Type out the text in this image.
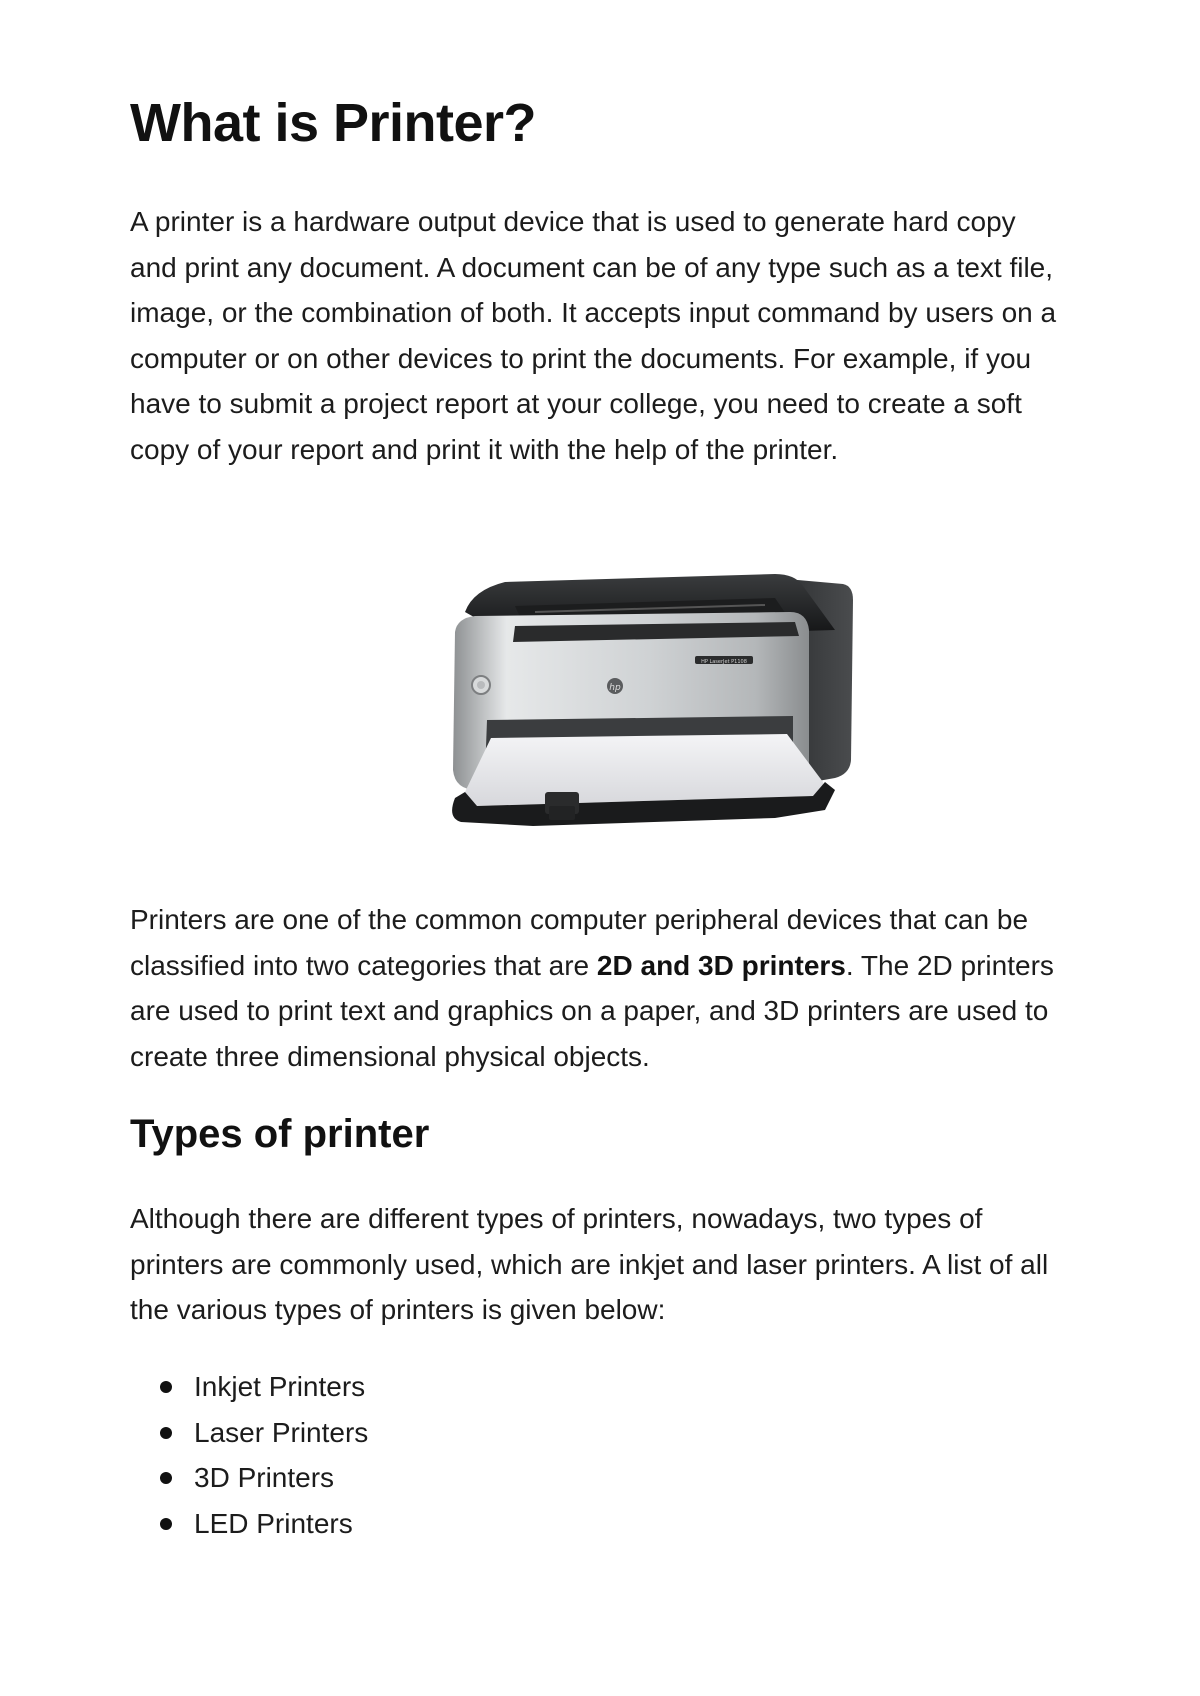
What is Printer?

A printer is a hardware output device that is used to generate hard copy and print any document. A document can be of any type such as a text file, image, or the combination of both. It accepts input command by users on a computer or on other devices to print the documents. For example, if you have to submit a project report at your college, you need to create a soft copy of your report and print it with the help of the printer.

HP LaserJet P1108
hp

Printers are one of the common computer peripheral devices that can be classified into two categories that are 2D and 3D printers. The 2D printers are used to print text and graphics on a paper, and 3D printers are used to create three dimensional physical objects.

Types of printer

Although there are different types of printers, nowadays, two types of printers are commonly used, which are inkjet and laser printers. A list of all the various types of printers is given below:

Inkjet Printers
Laser Printers
3D Printers
LED Printers
